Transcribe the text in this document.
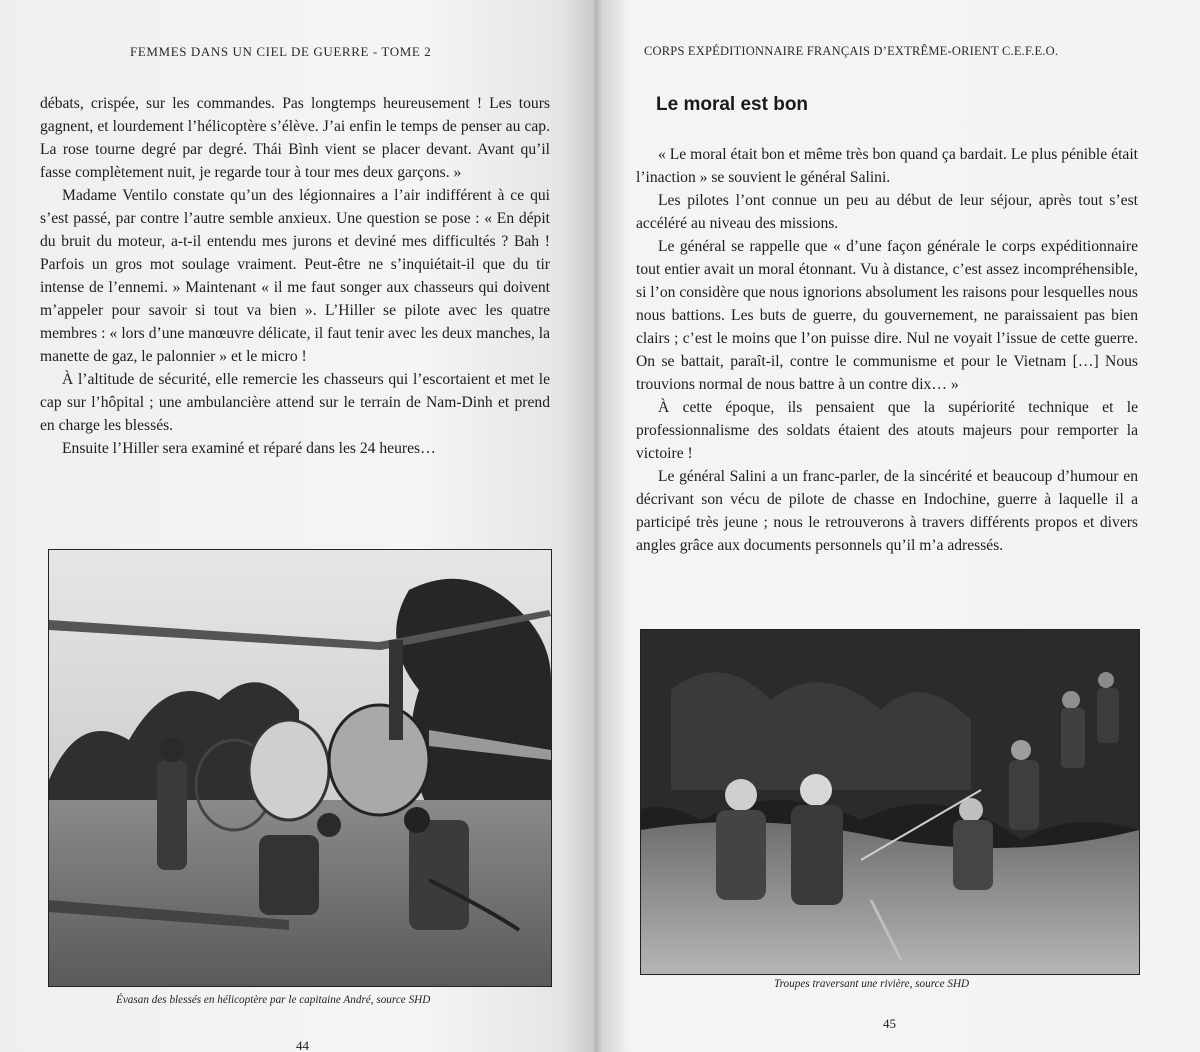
FEMMES DANS UN CIEL DE GUERRE - TOME 2

débats, crispée, sur les commandes. Pas longtemps heureusement ! Les tours gagnent, et lourdement l’hélicoptère s’élève. J’ai enfin le temps de penser au cap. La rose tourne degré par degré. Thái Bình vient se placer devant. Avant qu’il fasse complètement nuit, je regarde tour à tour mes deux garçons. »

Madame Ventilo constate qu’un des légionnaires a l’air indifférent à ce qui s’est passé, par contre l’autre semble anxieux. Une question se pose : « En dépit du bruit du moteur, a-t-il entendu mes jurons et deviné mes difficultés ? Bah ! Parfois un gros mot soulage vraiment. Peut-être ne s’inquiétait-il que du tir intense de l’ennemi. » Maintenant « il me faut songer aux chasseurs qui doivent m’appeler pour savoir si tout va bien ». L’Hiller se pilote avec les quatre membres : « lors d’une manœuvre délicate, il faut tenir avec les deux manches, la manette de gaz, le palonnier » et le micro !

À l’altitude de sécurité, elle remercie les chasseurs qui l’escortaient et met le cap sur l’hôpital ; une ambulancière attend sur le terrain de Nam-Dinh et prend en charge les blessés.

Ensuite l’Hiller sera examiné et réparé dans les 24 heures…

Évasan des blessés en hélicoptère par le capitaine André, source SHD
44
CORPS EXPÉDITIONNAIRE FRANÇAIS D’EXTRÊME-ORIENT C.E.F.E.O.
Le moral est bon

« Le moral était bon et même très bon quand ça bardait. Le plus pénible était l’inaction » se souvient le général Salini.

Les pilotes l’ont connue un peu au début de leur séjour, après tout s’est accéléré au niveau des missions.

Le général se rappelle que « d’une façon générale le corps expéditionnaire tout entier avait un moral étonnant. Vu à distance, c’est assez incompréhensible, si l’on considère que nous ignorions absolument les raisons pour lesquelles nous nous battions. Les buts de guerre, du gouvernement, ne paraissaient pas bien clairs ; c’est le moins que l’on puisse dire. Nul ne voyait l’issue de cette guerre. On se battait, paraît-il, contre le communisme et pour le Vietnam […] Nous trouvions normal de nous battre à un contre dix… »

À cette époque, ils pensaient que la supériorité technique et le professionnalisme des soldats étaient des atouts majeurs pour remporter la victoire !

Le général Salini a un franc-parler, de la sincérité et beaucoup d’humour en décrivant son vécu de pilote de chasse en Indochine, guerre à laquelle il a participé très jeune ; nous le retrouverons à travers différents propos et divers angles grâce aux documents personnels qu’il m’a adressés.

Troupes traversant une rivière, source SHD
45
